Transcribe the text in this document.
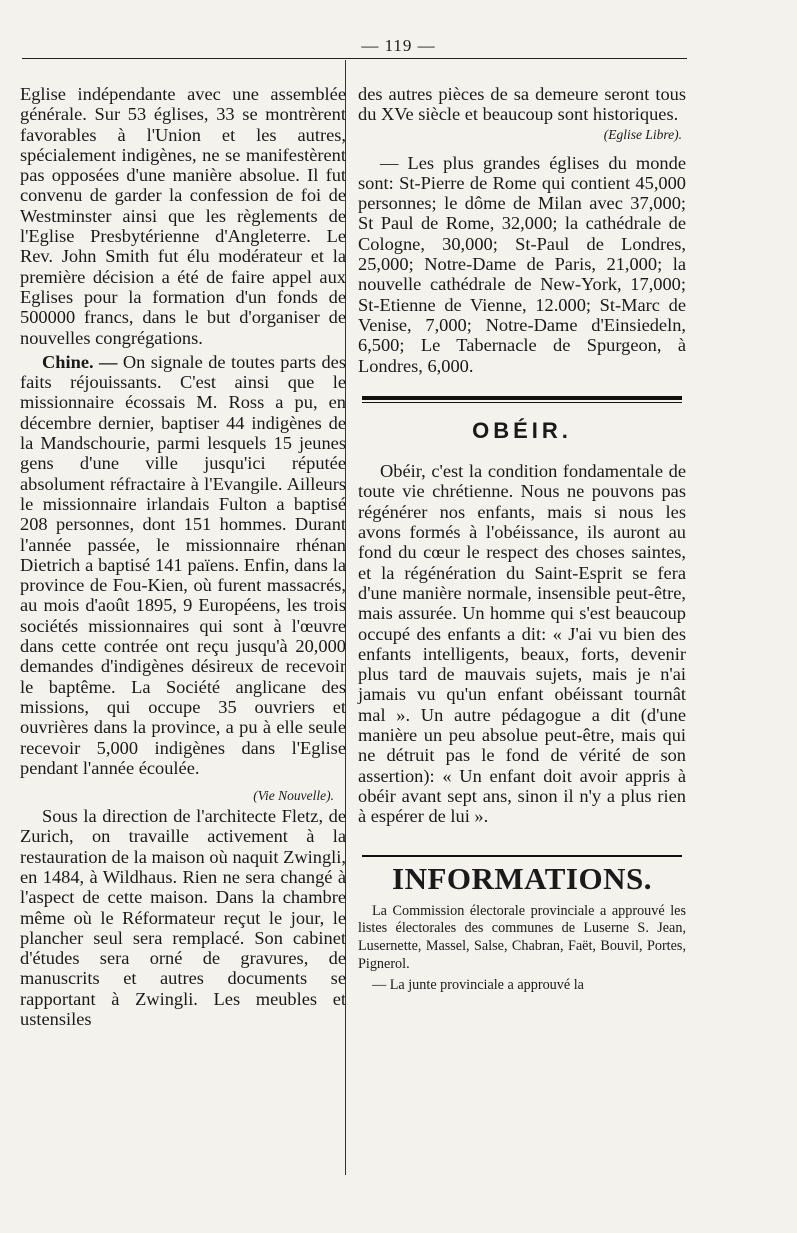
— 119 —

Eglise indépendante avec une assemblée générale. Sur 53 églises, 33 se montrèrent favorables à l'Union et les autres, spécialement indigènes, ne se manifestèrent pas opposées d'une manière absolue. Il fut convenu de garder la confession de foi de Westminster ainsi que les règlements de l'Eglise Presbytérienne d'Angleterre. Le Rev. John Smith fut élu modérateur et la première décision a été de faire appel aux Eglises pour la formation d'un fonds de 500000 francs, dans le but d'organiser de nouvelles congrégations.

Chine. — On signale de toutes parts des faits réjouissants. C'est ainsi que le missionnaire écossais M. Ross a pu, en décembre dernier, baptiser 44 indigènes de la Mandschourie, parmi lesquels 15 jeunes gens d'une ville jusqu'ici réputée absolument réfractaire à l'Evangile. Ailleurs le missionnaire irlandais Fulton a baptisé 208 personnes, dont 151 hommes. Durant l'année passée, le missionnaire rhénan Dietrich a baptisé 141 païens. Enfin, dans la province de Fou-Kien, où furent massacrés, au mois d'août 1895, 9 Européens, les trois sociétés missionnaires qui sont à l'œuvre dans cette contrée ont reçu jusqu'à 20,000 demandes d'indigènes désireux de recevoir le baptême. La Société anglicane des missions, qui occupe 35 ouvriers et ouvrières dans la province, a pu à elle seule recevoir 5,000 indigènes dans l'Eglise pendant l'année écoulée.

(Vie Nouvelle).

Sous la direction de l'architecte Fletz, de Zurich, on travaille activement à la restauration de la maison où naquit Zwingli, en 1484, à Wildhaus. Rien ne sera changé à l'aspect de cette maison. Dans la chambre même où le Réformateur reçut le jour, le plancher seul sera remplacé. Son cabinet d'études sera orné de gravures, de manuscrits et autres documents se rapportant à Zwingli. Les meubles et ustensiles

des autres pièces de sa demeure seront tous du XVe siècle et beaucoup sont historiques.

(Eglise Libre).

— Les plus grandes églises du monde sont: St-Pierre de Rome qui contient 45,000 personnes; le dôme de Milan avec 37,000; St Paul de Rome, 32,000; la cathédrale de Cologne, 30,000; St-Paul de Londres, 25,000; Notre-Dame de Paris, 21,000; la nouvelle cathédrale de New-York, 17,000; St-Etienne de Vienne, 12.000; St-Marc de Venise, 7,000; Notre-Dame d'Einsiedeln, 6,500; Le Tabernacle de Spurgeon, à Londres, 6,000.

OBÉIR.

Obéir, c'est la condition fondamentale de toute vie chrétienne. Nous ne pouvons pas régénérer nos enfants, mais si nous les avons formés à l'obéissance, ils auront au fond du cœur le respect des choses saintes, et la régénération du Saint-Esprit se fera d'une manière normale, insensible peut-être, mais assurée. Un homme qui s'est beaucoup occupé des enfants a dit: « J'ai vu bien des enfants intelligents, beaux, forts, devenir plus tard de mauvais sujets, mais je n'ai jamais vu qu'un enfant obéissant tournât mal ». Un autre pédagogue a dit (d'une manière un peu absolue peut-être, mais qui ne détruit pas le fond de vérité de son assertion): « Un enfant doit avoir appris à obéir avant sept ans, sinon il n'y a plus rien à espérer de lui ».

INFORMATIONS.

La Commission électorale provinciale a approuvé les listes électorales des communes de Luserne S. Jean, Lusernette, Massel, Salse, Chabran, Faët, Bouvil, Portes, Pignerol.

— La junte provinciale a approuvé la
